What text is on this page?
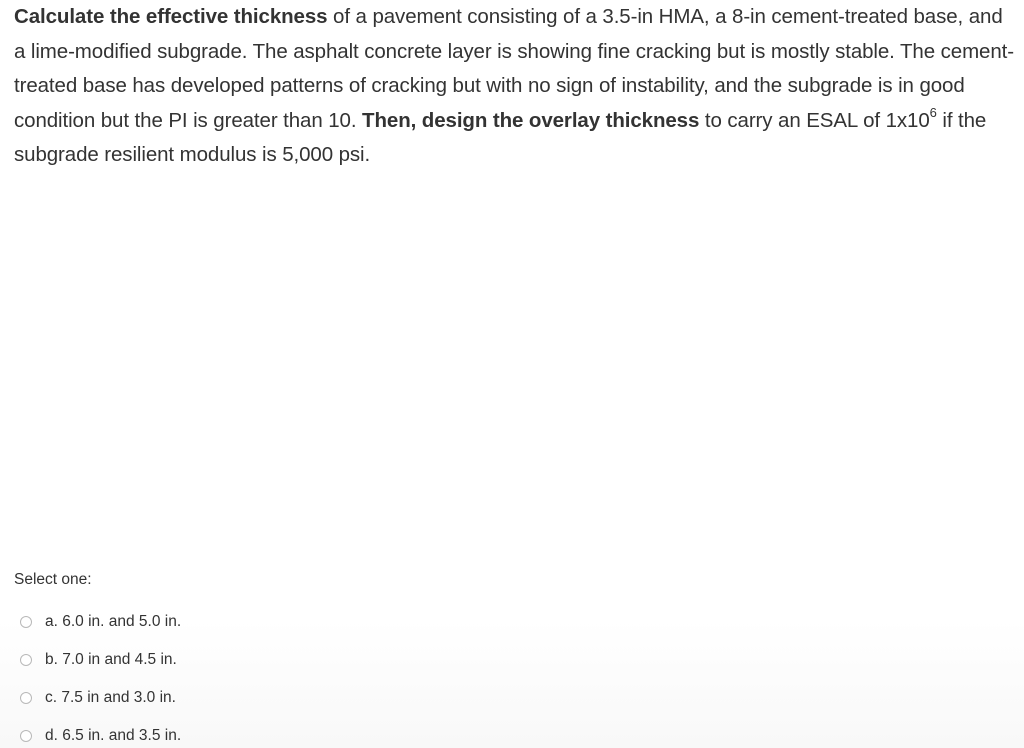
Calculate the effective thickness of a pavement consisting of a 3.5-in HMA, a 8-in cement-treated base, and a lime-modified subgrade. The asphalt concrete layer is showing fine cracking but is mostly stable. The cement-treated base has developed patterns of cracking but with no sign of instability, and the subgrade is in good condition but the PI is greater than 10. Then, design the overlay thickness to carry an ESAL of $1x10^6$ if the subgrade resilient modulus is 5,000 psi.
Select one:
a. 6.0 in. and 5.0 in.
b. 7.0 in and 4.5 in.
c. 7.5 in and 3.0 in.
d. 6.5 in. and 3.5 in.
